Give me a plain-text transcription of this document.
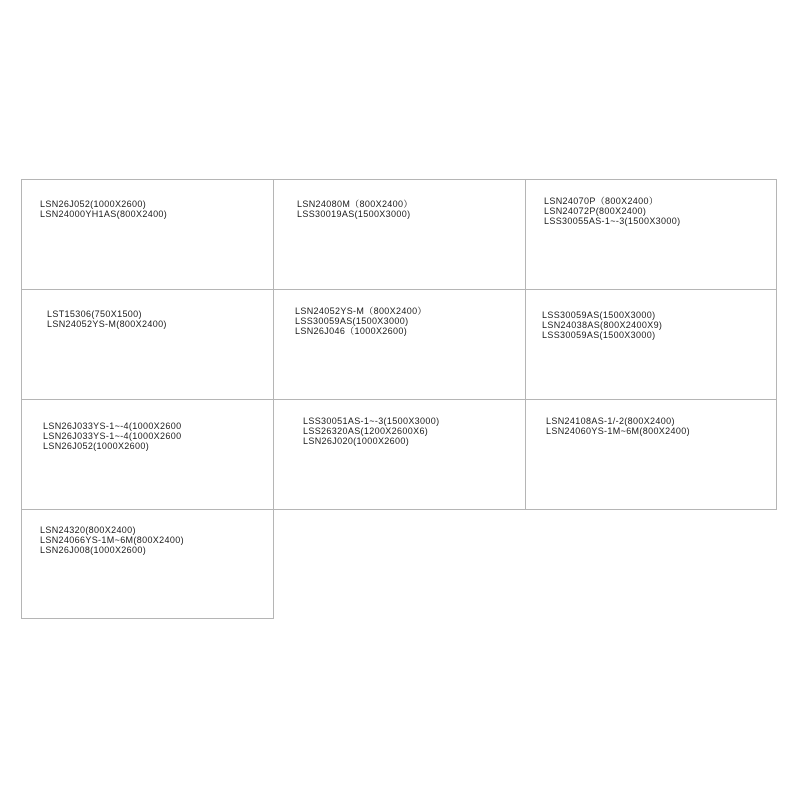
LSN26J052(1000X2600)
LSN24000YH1AS(800X2400)
LSN24080M（800X2400）
LSS30019AS(1500X3000)
LSN24070P（800X2400）
LSN24072P(800X2400)
LSS30055AS-1~-3(1500X3000)
LST15306(750X1500)
LSN24052YS-M(800X2400)
LSN24052YS-M（800X2400）
LSS30059AS(1500X3000)
LSN26J046（1000X2600)
LSS30059AS(1500X3000)
LSN24038AS(800X2400X9)
LSS30059AS(1500X3000)
LSN26J033YS-1~-4(1000X2600
LSN26J033YS-1~-4(1000X2600
LSN26J052(1000X2600)
LSS30051AS-1~-3(1500X3000)
LSS26320AS(1200X2600X6)
LSN26J020(1000X2600)
LSN24108AS-1/-2(800X2400)
LSN24060YS-1M~6M(800X2400)
LSN24320(800X2400)
LSN24066YS-1M~6M(800X2400)
LSN26J008(1000X2600)
